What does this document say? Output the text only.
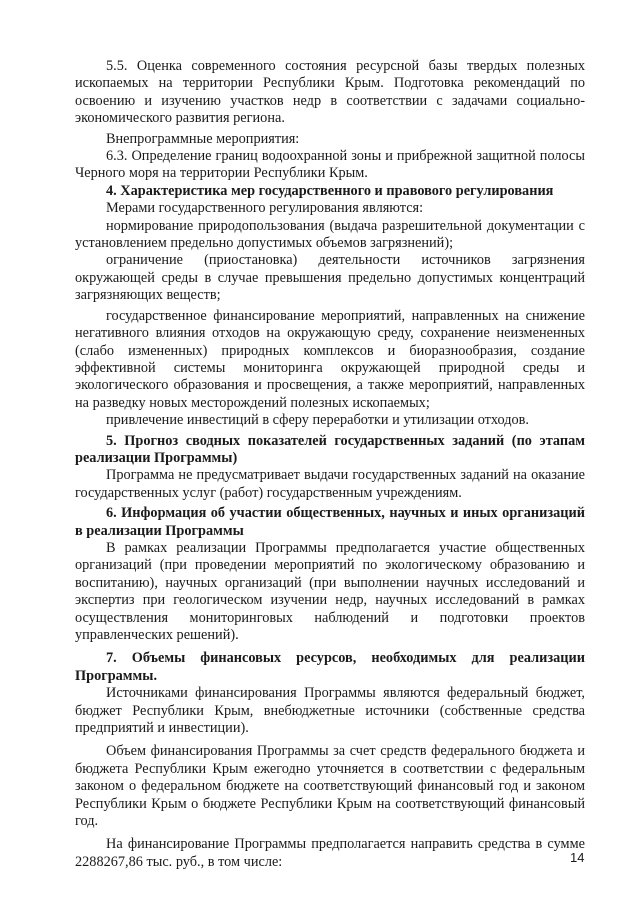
5.5. Оценка современного состояния ресурсной базы твердых полезных ископаемых на территории Республики Крым. Подготовка рекомендаций по освоению и изучению участков недр в соответствии с задачами социально-экономического развития региона.

Внепрограммные мероприятия:

6.3. Определение границ водоохранной зоны и прибрежной защитной полосы Черного моря на территории Республики Крым.

4. Характеристика мер государственного и правового регулирования

Мерами государственного регулирования являются:

нормирование природопользования (выдача разрешительной документации с установлением предельно допустимых объемов загрязнений);

ограничение (приостановка) деятельности источников загрязнения окружающей среды в случае превышения предельно допустимых концентраций загрязняющих веществ;

государственное финансирование мероприятий, направленных на снижение негативного влияния отходов на окружающую среду, сохранение неизмененных (слабо измененных) природных комплексов и биоразнообразия, создание эффективной системы мониторинга окружающей природной среды и экологического образования и просвещения, а также мероприятий, направленных на разведку новых месторождений полезных ископаемых;

привлечение инвестиций в сферу переработки и утилизации отходов.

5. Прогноз сводных показателей государственных заданий (по этапам реализации Программы)

Программа не предусматривает выдачи государственных заданий на оказание государственных услуг (работ) государственным учреждениям.

6. Информация об участии общественных, научных и иных организаций в реализации Программы

В рамках реализации Программы предполагается участие общественных организаций (при проведении мероприятий по экологическому образованию и воспитанию), научных организаций (при выполнении научных исследований и экспертиз при геологическом изучении недр, научных исследований в рамках осуществления мониторинговых наблюдений и подготовки проектов управленческих решений).

7. Объемы финансовых ресурсов, необходимых для реализации Программы.

Источниками финансирования Программы являются федеральный бюджет, бюджет Республики Крым, внебюджетные источники (собственные средства предприятий и инвестиции).

Объем финансирования Программы за счет средств федерального бюджета и бюджета Республики Крым ежегодно уточняется в соответствии с федеральным законом о федеральном бюджете на соответствующий финансовый год и законом Республики Крым о бюджете Республики Крым на соответствующий финансовый год.

На финансирование Программы предполагается направить средства в сумме 2288267,86 тыс. руб., в том числе:	14
